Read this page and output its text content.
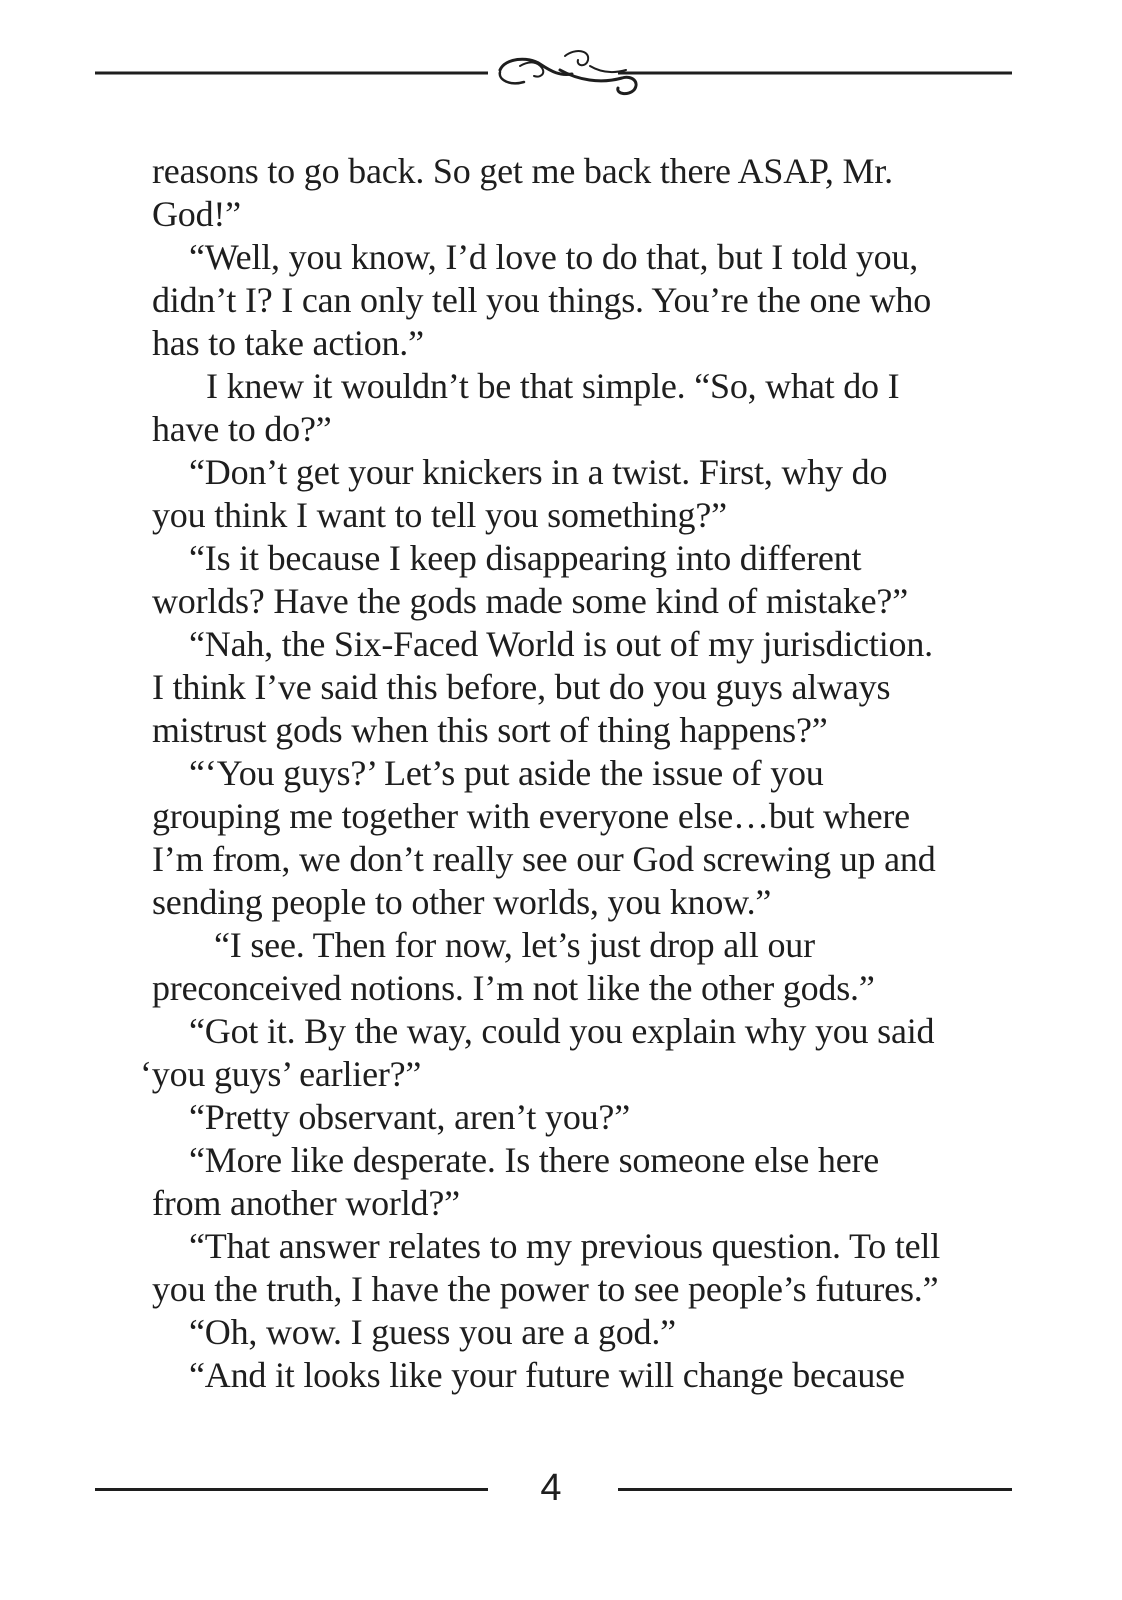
reasons to go back. So get me back there ASAP, Mr.
God!”
“Well, you know, I’d love to do that, but I told you,
didn’t I? I can only tell you things. You’re the one who
has to take action.”
I knew it wouldn’t be that simple. “So, what do I
have to do?”
“Don’t get your knickers in a twist. First, why do
you think I want to tell you something?”
“Is it because I keep disappearing into different
worlds? Have the gods made some kind of mistake?”
“Nah, the Six-Faced World is out of my jurisdiction.
I think I’ve said this before, but do you guys always
mistrust gods when this sort of thing happens?”
“‘You guys?’ Let’s put aside the issue of you
grouping me together with everyone else…but where
I’m from, we don’t really see our God screwing up and
sending people to other worlds, you know.”
“I see. Then for now, let’s just drop all our
preconceived notions. I’m not like the other gods.”
“Got it. By the way, could you explain why you said
‘you guys’ earlier?”
“Pretty observant, aren’t you?”
“More like desperate. Is there someone else here
from another world?”
“That answer relates to my previous question. To tell
you the truth, I have the power to see people’s futures.”
“Oh, wow. I guess you are a god.”
“And it looks like your future will change because
4
